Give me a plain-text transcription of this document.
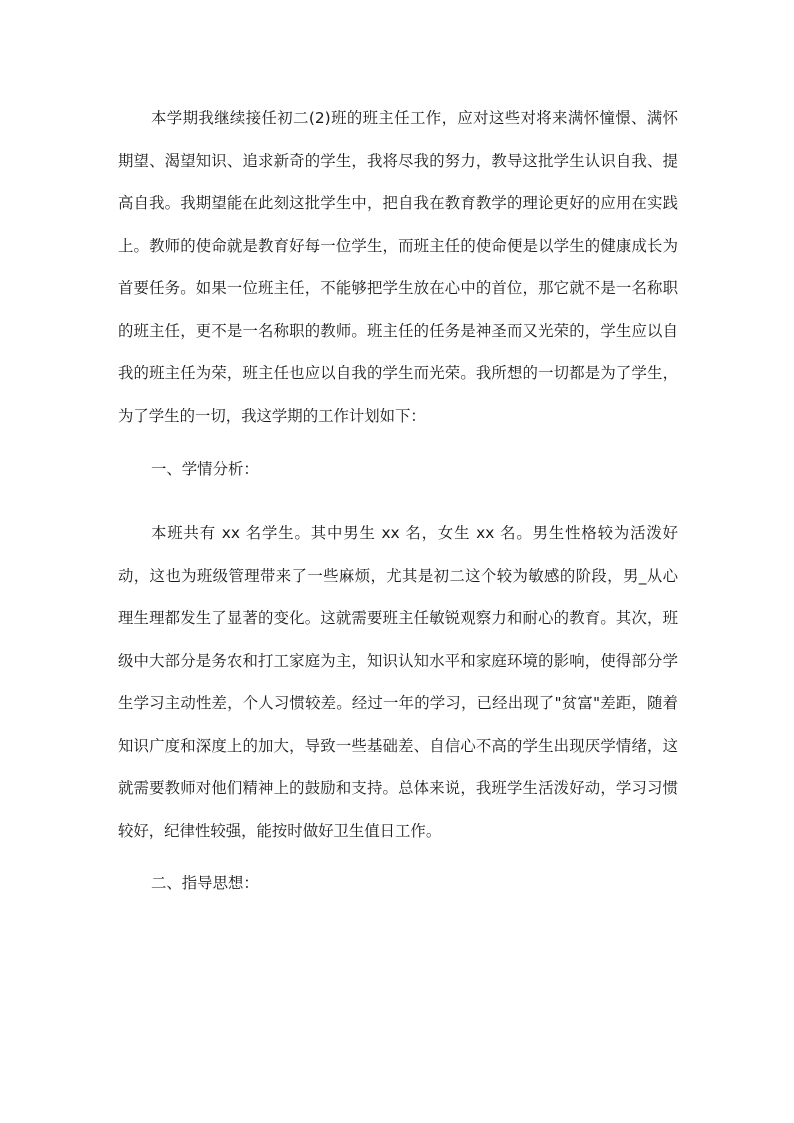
本学期我继续接任初二(2)班的班主任工作，应对这些对将来满怀憧憬、满怀期望、渴望知识、追求新奇的学生，我将尽我的努力，教导这批学生认识自我、提高自我。我期望能在此刻这批学生中，把自我在教育教学的理论更好的应用在实践上。教师的使命就是教育好每一位学生，而班主任的使命便是以学生的健康成长为首要任务。如果一位班主任，不能够把学生放在心中的首位，那它就不是一名称职的班主任，更不是一名称职的教师。班主任的任务是神圣而又光荣的，学生应以自我的班主任为荣，班主任也应以自我的学生而光荣。我所想的一切都是为了学生，为了学生的一切，我这学期的工作计划如下：

一、学情分析：

本班共有 xx 名学生。其中男生 xx 名，女生 xx 名。男生性格较为活泼好动，这也为班级管理带来了一些麻烦，尤其是初二这个较为敏感的阶段，男_从心理生理都发生了显著的变化。这就需要班主任敏锐观察力和耐心的教育。其次，班级中大部分是务农和打工家庭为主，知识认知水平和家庭环境的影响，使得部分学生学习主动性差，个人习惯较差。经过一年的学习，已经出现了"贫富"差距，随着知识广度和深度上的加大，导致一些基础差、自信心不高的学生出现厌学情绪，这就需要教师对他们精神上的鼓励和支持。总体来说，我班学生活泼好动，学习习惯较好，纪律性较强，能按时做好卫生值日工作。

二、指导思想：
